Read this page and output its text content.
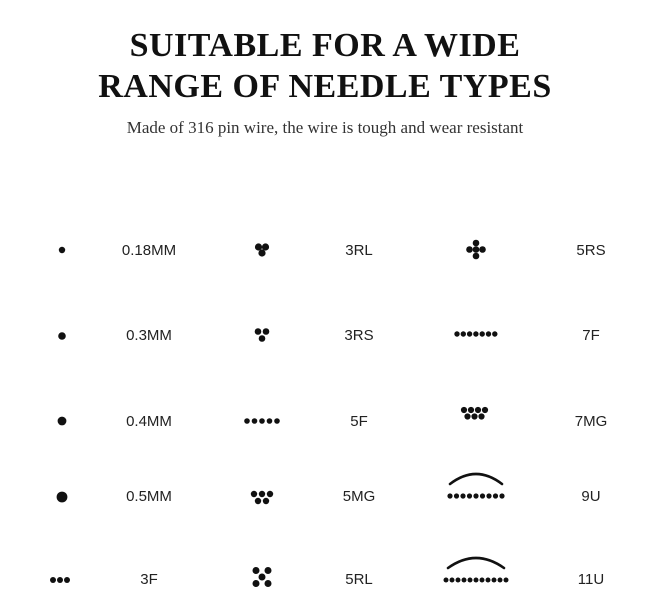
SUITABLE FOR A WIDE
RANGE OF NEEDLE TYPES
Made of 316 pin wire, the wire is tough and wear resistant
0.18MM
0.3MM
0.4MM
0.5MM
3F
3RL
3RS
5F
5MG
5RL
5RS
7F
7MG
9U
11U
